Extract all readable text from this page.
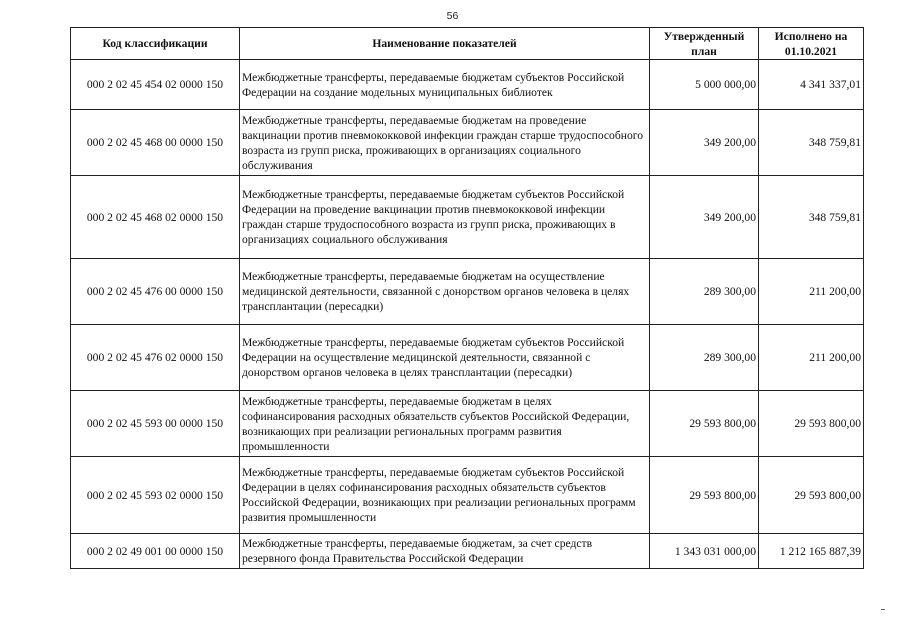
56
Код классификации	Наименование показателей	Утвержденный план	Исполнено на 01.10.2021
000 2 02 45 454 02 0000 150	Межбюджетные трансферты, передаваемые бюджетам субъектов Российской Федерации на создание модельных муниципальных библиотек	5 000 000,00	4 341 337,01
000 2 02 45 468 00 0000 150	Межбюджетные трансферты, передаваемые бюджетам на проведение вакцинации против пневмококковой инфекции граждан старше трудоспособного возраста из групп риска, проживающих в организациях социального обслуживания	349 200,00	348 759,81
000 2 02 45 468 02 0000 150	Межбюджетные трансферты, передаваемые бюджетам субъектов Российской Федерации на проведение вакцинации против пневмококковой инфекции граждан старше трудоспособного возраста из групп риска, проживающих в организациях социального обслуживания	349 200,00	348 759,81
000 2 02 45 476 00 0000 150	Межбюджетные трансферты, передаваемые бюджетам на осуществление медицинской деятельности, связанной с донорством органов человека в целях трансплантации (пересадки)	289 300,00	211 200,00
000 2 02 45 476 02 0000 150	Межбюджетные трансферты, передаваемые бюджетам субъектов Российской Федерации на осуществление медицинской деятельности, связанной с донорством органов человека в целях трансплантации (пересадки)	289 300,00	211 200,00
000 2 02 45 593 00 0000 150	Межбюджетные трансферты, передаваемые бюджетам в целях софинансирования расходных обязательств субъектов Российской Федерации, возникающих при реализации региональных программ развития промышленности	29 593 800,00	29 593 800,00
000 2 02 45 593 02 0000 150	Межбюджетные трансферты, передаваемые бюджетам субъектов Российской Федерации в целях софинансирования расходных обязательств субъектов Российской Федерации, возникающих при реализации региональных программ развития промышленности	29 593 800,00	29 593 800,00
000 2 02 49 001 00 0000 150	Межбюджетные трансферты, передаваемые бюджетам, за счет средств резервного фонда Правительства Российской Федерации	1 343 031 000,00	1 212 165 887,39
